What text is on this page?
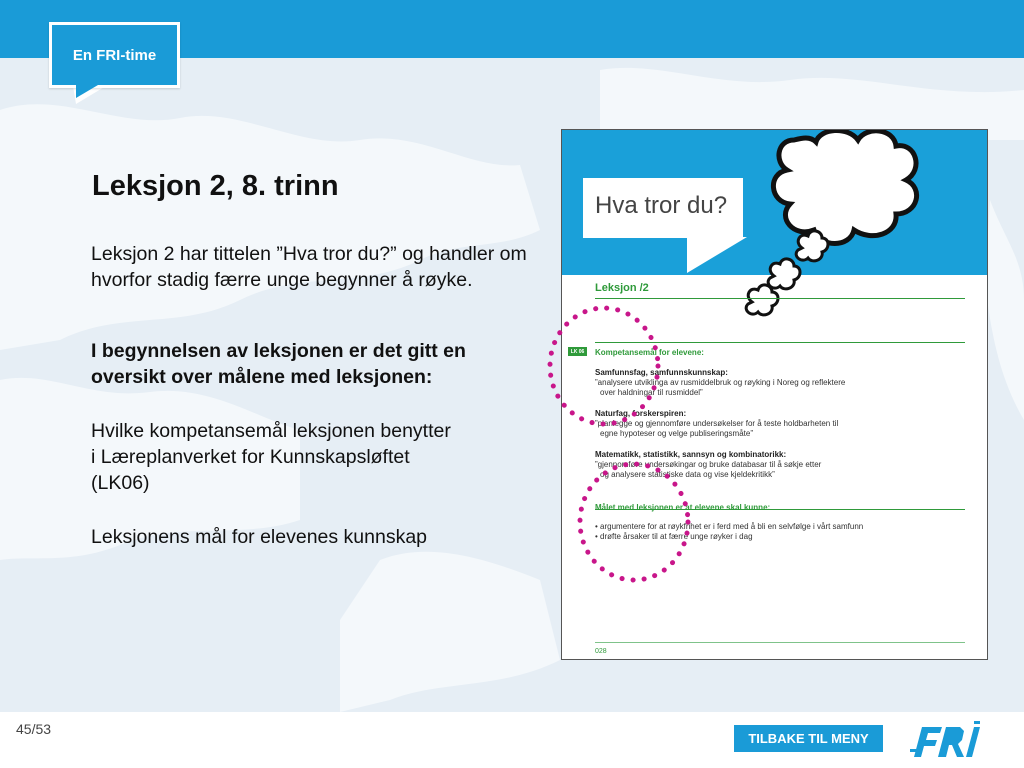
En FRI-time
Leksjon 2, 8. trinn

Leksjon 2 har tittelen ”Hva tror du?” og handler om hvorfor stadig færre unge begynner å røyke.

I begynnelsen av leksjonen er det gitt en oversikt over målene med leksjonen:

Hvilke kompetansemål leksjonen benytter i Læreplanverket for Kunnskapsløftet (LK06)

Leksjonens mål for elevenes kunnskap

Hva tror du?
Leksjon /2
LK 06	Kompetansemål for elevene:
Samfunnsfag, samfunnskunnskap:
”analysere utviklinga av rusmiddelbruk og røyking i Noreg og reflektere
over haldningar til rusmiddel”
Naturfag, forskerspiren:
”planlegge og gjennomføre undersøkelser for å teste holdbarheten til
egne hypoteser og velge publiseringsmåte”
Matematikk, statistikk, sannsyn og kombinatorikk:
”gjennomføre undersøkingar og bruke databasar til å søkje etter
og analysere statistiske data og vise kjeldekritikk”
Målet med leksjonen er at elevene skal kunne:
• argumentere for at røykfrihet er i ferd med å bli en selvfølge i vårt samfunn
• drøfte årsaker til at færre unge røyker i dag
028
45/53
TILBAKE TIL MENY
